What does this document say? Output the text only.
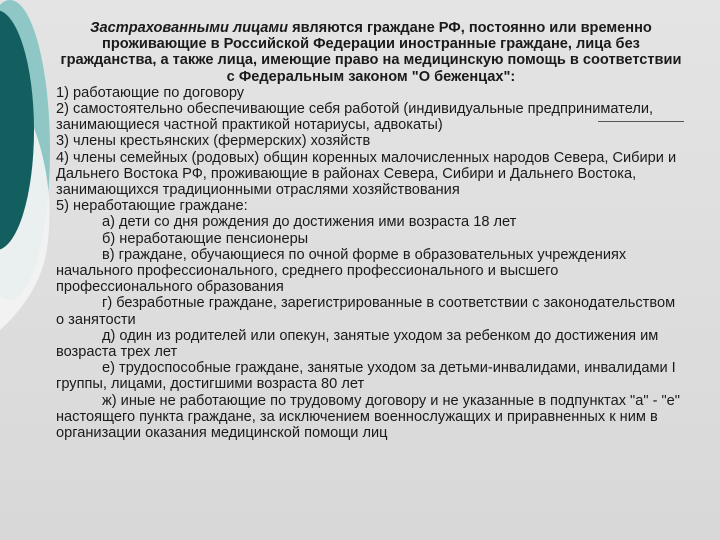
Застрахованными лицами являются граждане РФ, постоянно или временно проживающие в Российской Федерации иностранные граждане, лица без гражданства, а также лица, имеющие право на медицинскую помощь в соответствии с Федеральным законом "О беженцах":

1) работающие по договору

2) самостоятельно обеспечивающие себя работой (индивидуальные предприниматели, занимающиеся частной практикой нотариусы, адвокаты)

3) члены крестьянских (фермерских) хозяйств

4) члены семейных (родовых) общин коренных малочисленных народов Севера, Сибири и Дальнего Востока РФ, проживающие в районах Севера, Сибири и Дальнего Востока, занимающихся традиционными отраслями хозяйствования

5) неработающие граждане:

а) дети со дня рождения до достижения ими возраста 18 лет

б) неработающие пенсионеры

в) граждане, обучающиеся по очной форме в образовательных учреждениях начального профессионального, среднего профессионального и высшего профессионального образования

г) безработные граждане, зарегистрированные в соответствии с законодательством о занятости

д) один из родителей или опекун, занятые уходом за ребенком до достижения им возраста трех лет

е) трудоспособные граждане, занятые уходом за детьми-инвалидами, инвалидами I группы, лицами, достигшими возраста 80 лет

ж) иные не работающие по трудовому договору и не указанные в подпунктах "а" - "е" настоящего пункта граждане, за исключением военнослужащих и приравненных к ним в организации оказания медицинской помощи лиц
